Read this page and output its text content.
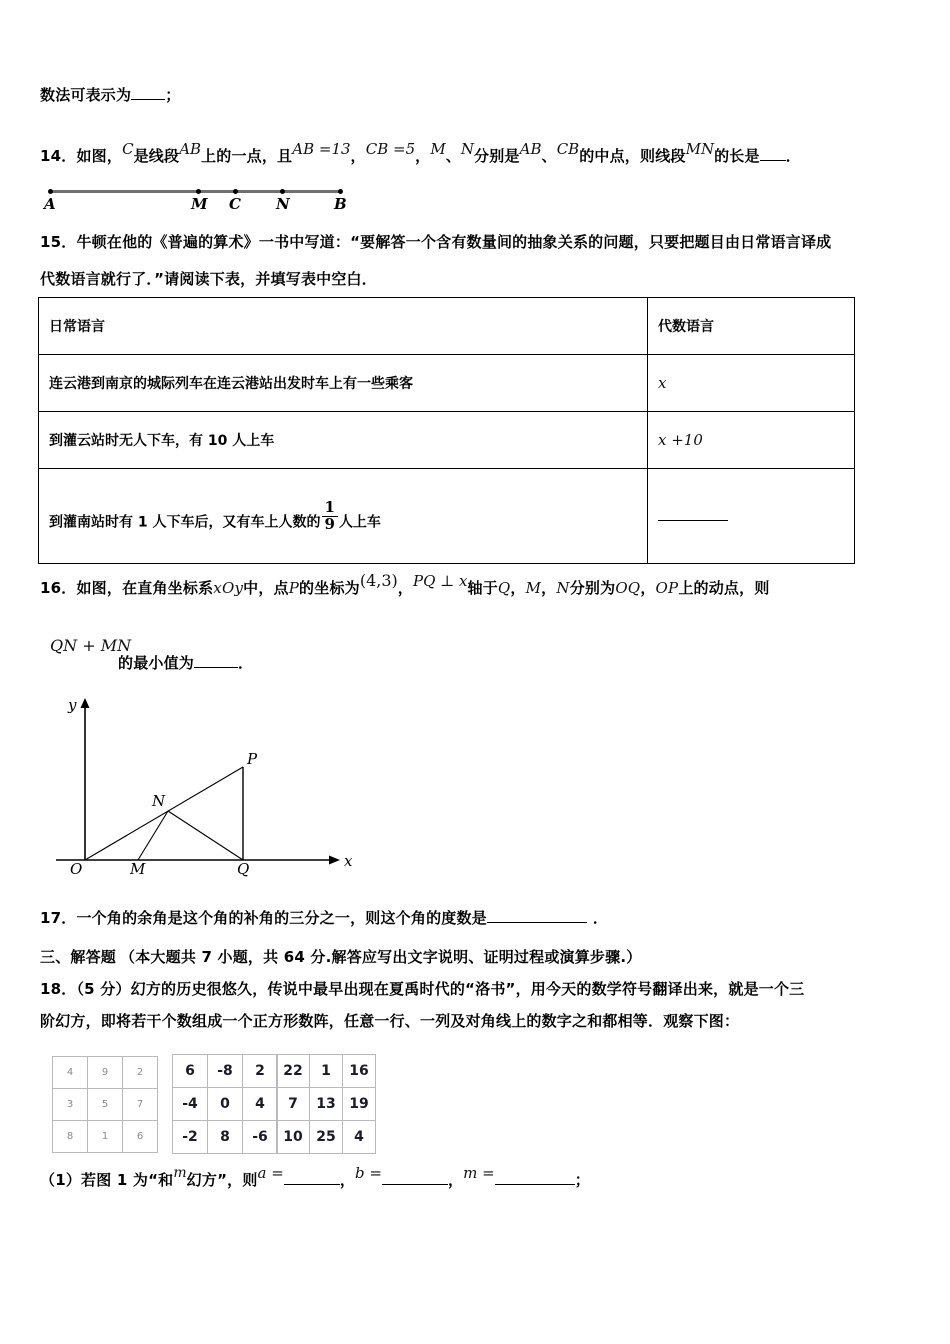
数法可表示为 ；
14．如图，C是线段AB上的一点，且AB =13，CB =5，M、N分别是AB、CB的中点，则线段MN的长是 ．
A	M C N	B
15．牛顿在他的《普遍的算术》一书中写道：“要解答一个含有数量间的抽象关系的问题，只要把题目由日常语言译成
代数语言就行了．”请阅读下表，并填写表中空白．
日常语言	代数语言
连云港到南京的城际列车在连云港站出发时车上有一些乘客	x
到灌云站时无人下车，有 10 人上车	x +10
到灌南站时有 1 人下车后，又有车上人数的 $\frac{1}{9}$ 人上车	
16．如图，在直角坐标系xOy中，点P的坐标为(4,3)，PQ ⊥ x轴于Q，M，N分别为OQ，OP上的动点，则
QN + MN
的最小值为	．
y
x
O	M	Q
P
N
17．一个角的余角是这个角的补角的三分之一，则这个角的度数是	．
三、解答题 （本大题共 7 小题，共 64 分.解答应写出文字说明、证明过程或演算步骤.）
18．（5 分）幻方的历史很悠久，传说中最早出现在夏禹时代的“洛书”，用今天的数学符号翻译出来，就是一个三
阶幻方，即将若干个数组成一个正方形数阵，任意一行、一列及对角线上的数字之和都相等．观察下图：
4	9	2
3	5	7
8	1	6
6	-8	2
-4	0	4
-2	8	-6
22	1	16
7	13	19
10	25	4
（1）若图 1 为“和m幻方”，则a =	，b =	，m =	；
